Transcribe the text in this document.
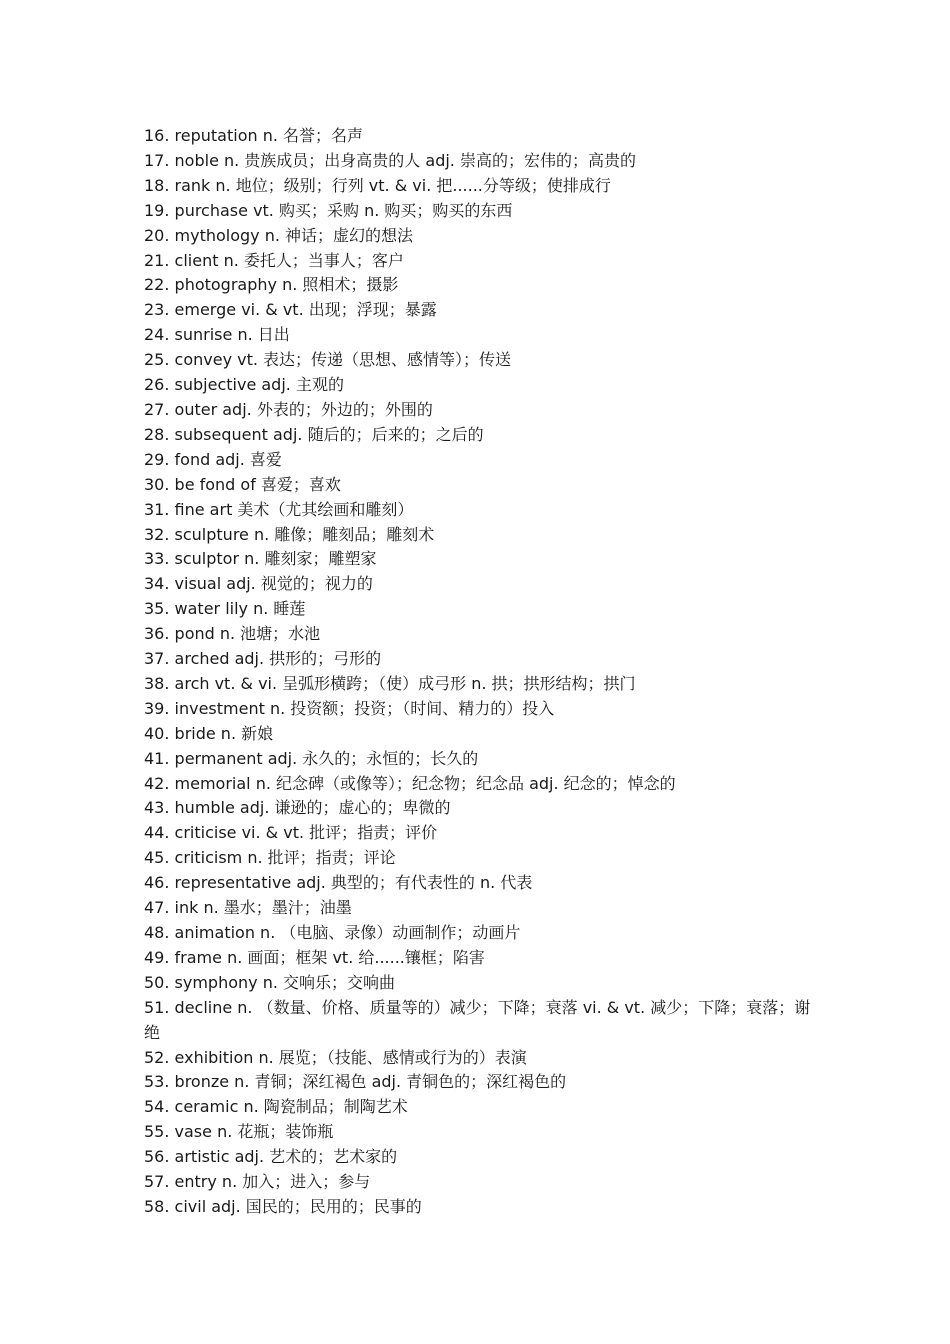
16. reputation n. 名誉；名声
17. noble n. 贵族成员；出身高贵的人 adj. 崇高的；宏伟的；高贵的
18. rank n. 地位；级别；行列 vt. & vi. 把......分等级；使排成行
19. purchase vt. 购买；采购 n. 购买；购买的东西
20. mythology n. 神话；虚幻的想法
21. client n. 委托人；当事人；客户
22. photography n. 照相术；摄影
23. emerge vi. & vt. 出现；浮现；暴露
24. sunrise n. 日出
25. convey vt. 表达；传递（思想、感情等）；传送
26. subjective adj. 主观的
27. outer adj. 外表的；外边的；外围的
28. subsequent adj. 随后的；后来的；之后的
29. fond adj. 喜爱
30. be fond of 喜爱；喜欢
31. fine art 美术（尤其绘画和雕刻）
32. sculpture n. 雕像；雕刻品；雕刻术
33. sculptor n. 雕刻家；雕塑家
34. visual adj. 视觉的；视力的
35. water lily n. 睡莲
36. pond n. 池塘；水池
37. arched adj. 拱形的；弓形的
38. arch vt. & vi. 呈弧形横跨；（使）成弓形 n. 拱；拱形结构；拱门
39. investment n. 投资额；投资；（时间、精力的）投入
40. bride n. 新娘
41. permanent adj. 永久的；永恒的；长久的
42. memorial n. 纪念碑（或像等）；纪念物；纪念品 adj. 纪念的；悼念的
43. humble adj. 谦逊的；虚心的；卑微的
44. criticise vi. & vt. 批评；指责；评价
45. criticism n. 批评；指责；评论
46. representative adj. 典型的；有代表性的 n. 代表
47. ink n. 墨水；墨汁；油墨
48. animation n. （电脑、录像）动画制作；动画片
49. frame n. 画面；框架 vt. 给......镶框；陷害
50. symphony n. 交响乐；交响曲
51. decline n. （数量、价格、质量等的）减少；下降；衰落 vi. & vt. 减少；下降；衰落；谢绝
52. exhibition n. 展览；（技能、感情或行为的）表演
53. bronze n. 青铜；深红褐色 adj. 青铜色的；深红褐色的
54. ceramic n. 陶瓷制品；制陶艺术
55. vase n. 花瓶；装饰瓶
56. artistic adj. 艺术的；艺术家的
57. entry n. 加入；进入；参与
58. civil adj. 国民的；民用的；民事的
